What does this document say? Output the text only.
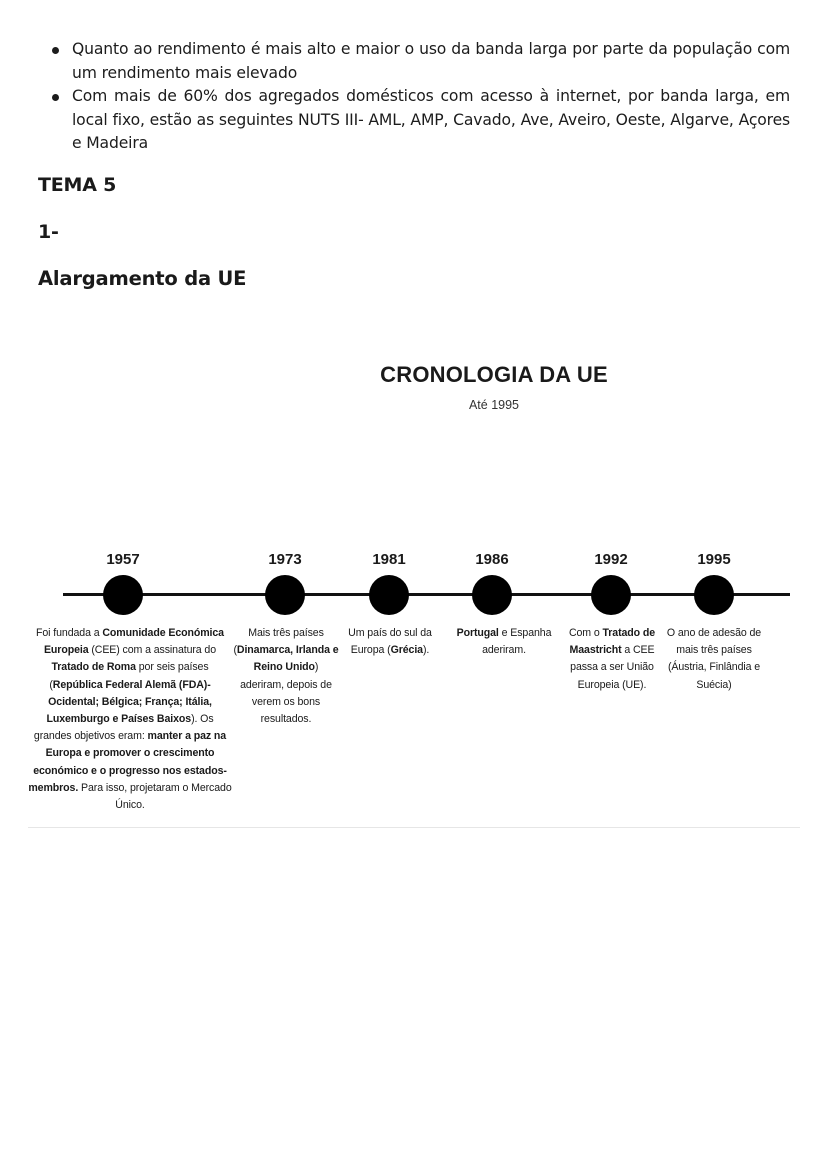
Quanto ao rendimento é mais alto e maior o uso da banda larga por parte da população com um rendimento mais elevado
Com mais de 60% dos agregados domésticos com acesso à internet, por banda larga, em local fixo, estão as seguintes NUTS III- AML, AMP, Cavado, Ave, Aveiro, Oeste, Algarve, Açores e Madeira
TEMA 5
1-
Alargamento da UE
CRONOLOGIA DA UE
Até 1995
1957
Foi fundada a Comunidade Económica Europeia (CEE) com a assinatura do Tratado de Roma por seis países (República Federal Alemã (FDA)- Ocidental; Bélgica; França; Itália, Luxemburgo e Países Baixos). Os grandes objetivos eram: manter a paz na Europa e promover o crescimento económico e o progresso nos estados-membros. Para isso, projetaram o Mercado Único.
1973
Mais três países (Dinamarca, Irlanda e Reino Unido) aderiram, depois de verem os bons resultados.
1981
Um país do sul da Europa (Grécia).
1986
Portugal e Espanha aderiram.
1992
Com o Tratado de Maastricht a CEE passa a ser União Europeia (UE).
1995
O ano de adesão de mais três países (Áustria, Finlândia e Suécia)
